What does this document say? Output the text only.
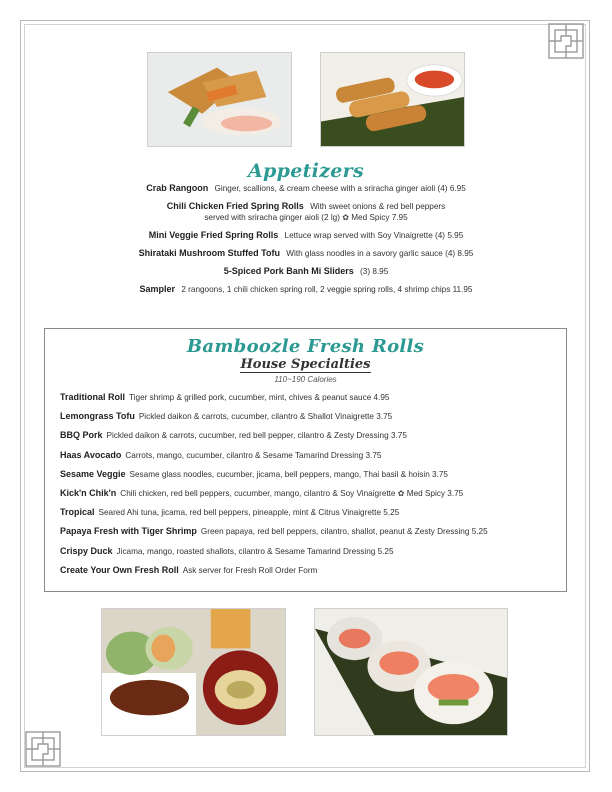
Appetizers
Crab Rangoon Ginger, scallions, & cream cheese with a sriracha ginger aioli (4) 6.95
Chili Chicken Fried Spring Rolls With sweet onions & red bell peppers
served with sriracha ginger aioli (2 lg) ✿ Med Spicy 7.95
Mini Veggie Fried Spring Rolls Lettuce wrap served with Soy Vinaigrette (4) 5.95
Shirataki Mushroom Stuffed Tofu With glass noodles in a savory garlic sauce (4) 8.95
5-Spiced Pork Banh Mi Sliders (3) 8.95
Sampler 2 rangoons, 1 chili chicken spring roll, 2 veggie spring rolls, 4 shrimp chips 11.95
Bamboozle Fresh Rolls
House Specialties
110~190 Calories
Traditional Roll Tiger shrimp & grilled pork, cucumber, mint, chives & peanut sauce 4.95
Lemongrass Tofu Pickled daikon & carrots, cucumber, cilantro & Shallot Vinaigrette 3.75
BBQ Pork Pickled daikon & carrots, cucumber, red bell pepper, cilantro & Zesty Dressing 3.75
Haas Avocado Carrots, mango, cucumber, cilantro & Sesame Tamarind Dressing 3.75
Sesame Veggie Sesame glass noodles, cucumber, jicama, bell peppers, mango, Thai basil & hoisin 3.75
Kick'n Chik'n Chili chicken, red bell peppers, cucumber, mango, cilantro & Soy Vinaigrette ✿ Med Spicy 3.75
Tropical Seared Ahi tuna, jicama, red bell peppers, pineapple, mint & Citrus Vinaigrette 5.25
Papaya Fresh with Tiger Shrimp Green papaya, red bell peppers, cilantro, shallot, peanut & Zesty Dressing 5.25
Crispy Duck Jicama, mango, roasted shallots, cilantro & Sesame Tamarind Dressing 5.25
Create Your Own Fresh Roll Ask server for Fresh Roll Order Form
